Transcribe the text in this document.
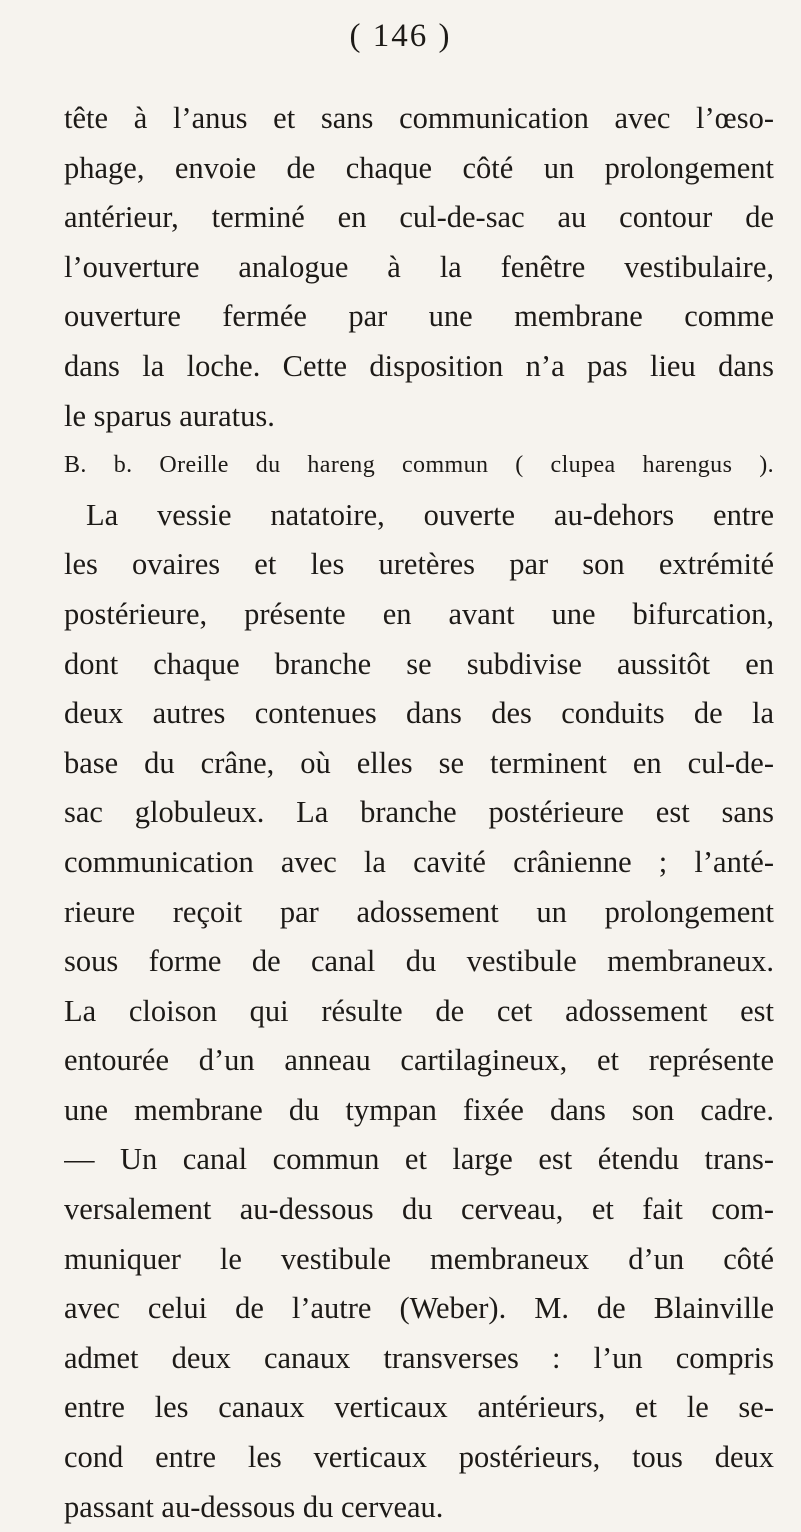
( 146 )
tête à l’anus et sans communication avec l’œso-
phage, envoie de chaque côté un prolongement
antérieur, terminé en cul-de-sac au contour de
l’ouverture analogue à la fenêtre vestibulaire,
ouverture fermée par une membrane comme
dans la loche. Cette disposition n’a pas lieu dans
le sparus auratus.
B. b. Oreille du hareng commun ( clupea harengus ).
La vessie natatoire, ouverte au-dehors entre
les ovaires et les uretères par son extrémité
postérieure, présente en avant une bifurcation,
dont chaque branche se subdivise aussitôt en
deux autres contenues dans des conduits de la
base du crâne, où elles se terminent en cul-de-
sac globuleux. La branche postérieure est sans
communication avec la cavité crânienne ; l’anté-
rieure reçoit par adossement un prolongement
sous forme de canal du vestibule membraneux.
La cloison qui résulte de cet adossement est
entourée d’un anneau cartilagineux, et représente
une membrane du tympan fixée dans son cadre.
— Un canal commun et large est étendu trans-
versalement au-dessous du cerveau, et fait com-
muniquer le vestibule membraneux d’un côté
avec celui de l’autre (Weber). M. de Blainville
admet deux canaux transverses : l’un compris
entre les canaux verticaux antérieurs, et le se-
cond entre les verticaux postérieurs, tous deux
passant au-dessous du cerveau.
